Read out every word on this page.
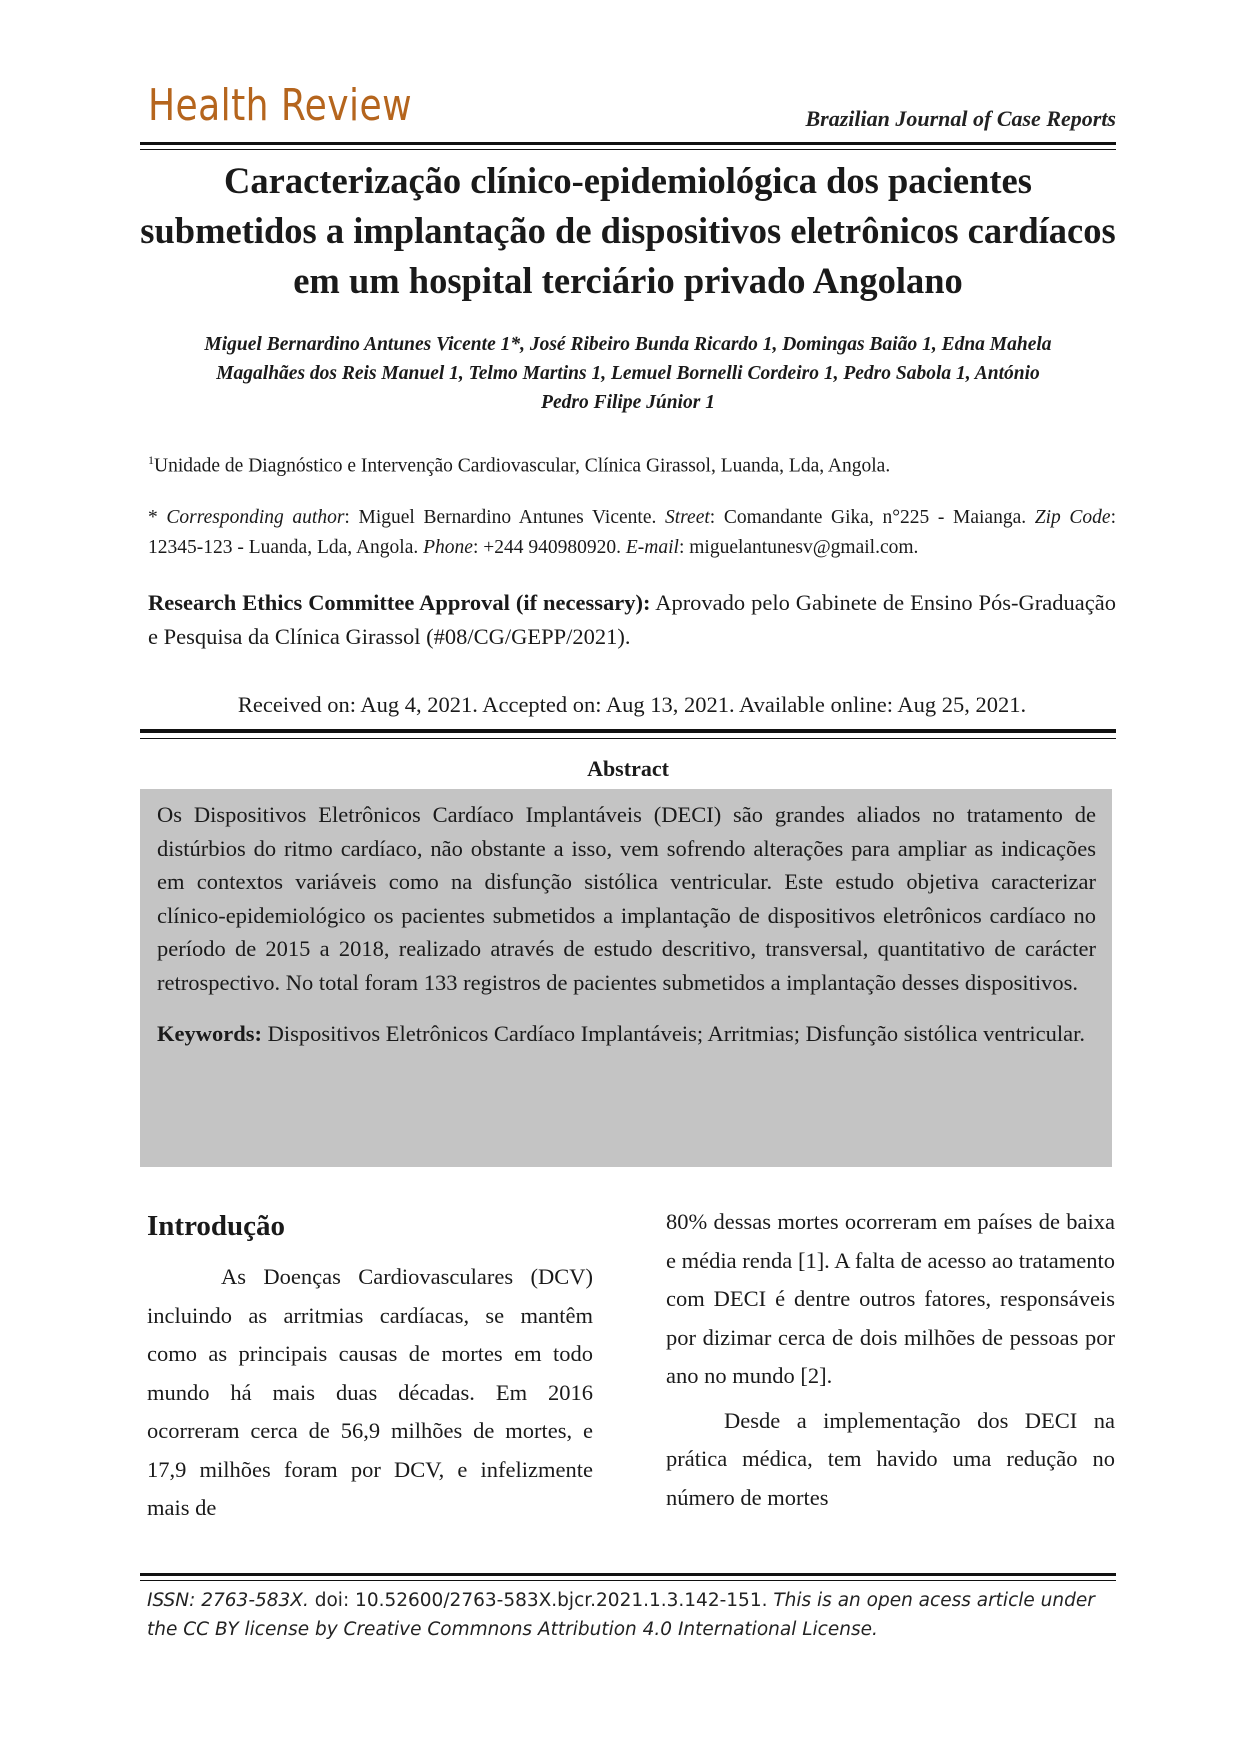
Health Review	Brazilian Journal of Case Reports
Caracterização clínico-epidemiológica dos pacientes submetidos a implantação de dispositivos eletrônicos cardíacos em um hospital terciário privado Angolano
Miguel Bernardino Antunes Vicente 1*, José Ribeiro Bunda Ricardo 1, Domingas Baião 1, Edna Mahela
Magalhães dos Reis Manuel 1, Telmo Martins 1, Lemuel Bornelli Cordeiro 1, Pedro Sabola 1, António
Pedro Filipe Júnior 1

$^1$Unidade de Diagnóstico e Intervenção Cardiovascular, Clínica Girassol, Luanda, Lda, Angola.

* Corresponding author: Miguel Bernardino Antunes Vicente. Street: Comandante Gika, n°225 - Maianga. Zip Code: 12345-123 - Luanda, Lda, Angola. Phone: +244 940980920. E-mail: miguelantunesv@gmail.com.

Research Ethics Committee Approval (if necessary): Aprovado pelo Gabinete de Ensino Pós-Graduação e Pesquisa da Clínica Girassol (#08/CG/GEPP/2021).

Received on: Aug 4, 2021. Accepted on: Aug 13, 2021. Available online: Aug 25, 2021.

Abstract

Os Dispositivos Eletrônicos Cardíaco Implantáveis (DECI) são grandes aliados no tratamento de distúrbios do ritmo cardíaco, não obstante a isso, vem sofrendo alterações para ampliar as indicações em contextos variáveis como na disfunção sistólica ventricular. Este estudo objetiva caracterizar clínico-epidemiológico os pacientes submetidos a implantação de dispositivos eletrônicos cardíaco no período de 2015 a 2018, realizado através de estudo descritivo, transversal, quantitativo de carácter retrospectivo. No total foram 133 registros de pacientes submetidos a implantação desses dispositivos.

Keywords: Dispositivos Eletrônicos Cardíaco Implantáveis; Arritmias; Disfunção sistólica ventricular.

Introdução

As Doenças Cardiovasculares (DCV) incluindo as arritmias cardíacas, se mantêm como as principais causas de mortes em todo mundo há mais duas décadas. Em 2016 ocorreram cerca de 56,9 milhões de mortes, e 17,9 milhões foram por DCV, e infelizmente mais de

80% dessas mortes ocorreram em países de baixa e média renda [1]. A falta de acesso ao tratamento com DECI é dentre outros fatores, responsáveis por dizimar cerca de dois milhões de pessoas por ano no mundo [2].

Desde a implementação dos DECI na prática médica, tem havido uma redução no número de mortes

ISSN: 2763-583X. doi: 10.52600/2763-583X.bjcr.2021.1.3.142-151. This is an open acess article under the CC BY license by Creative Commnons Attribution 4.0 International License.
